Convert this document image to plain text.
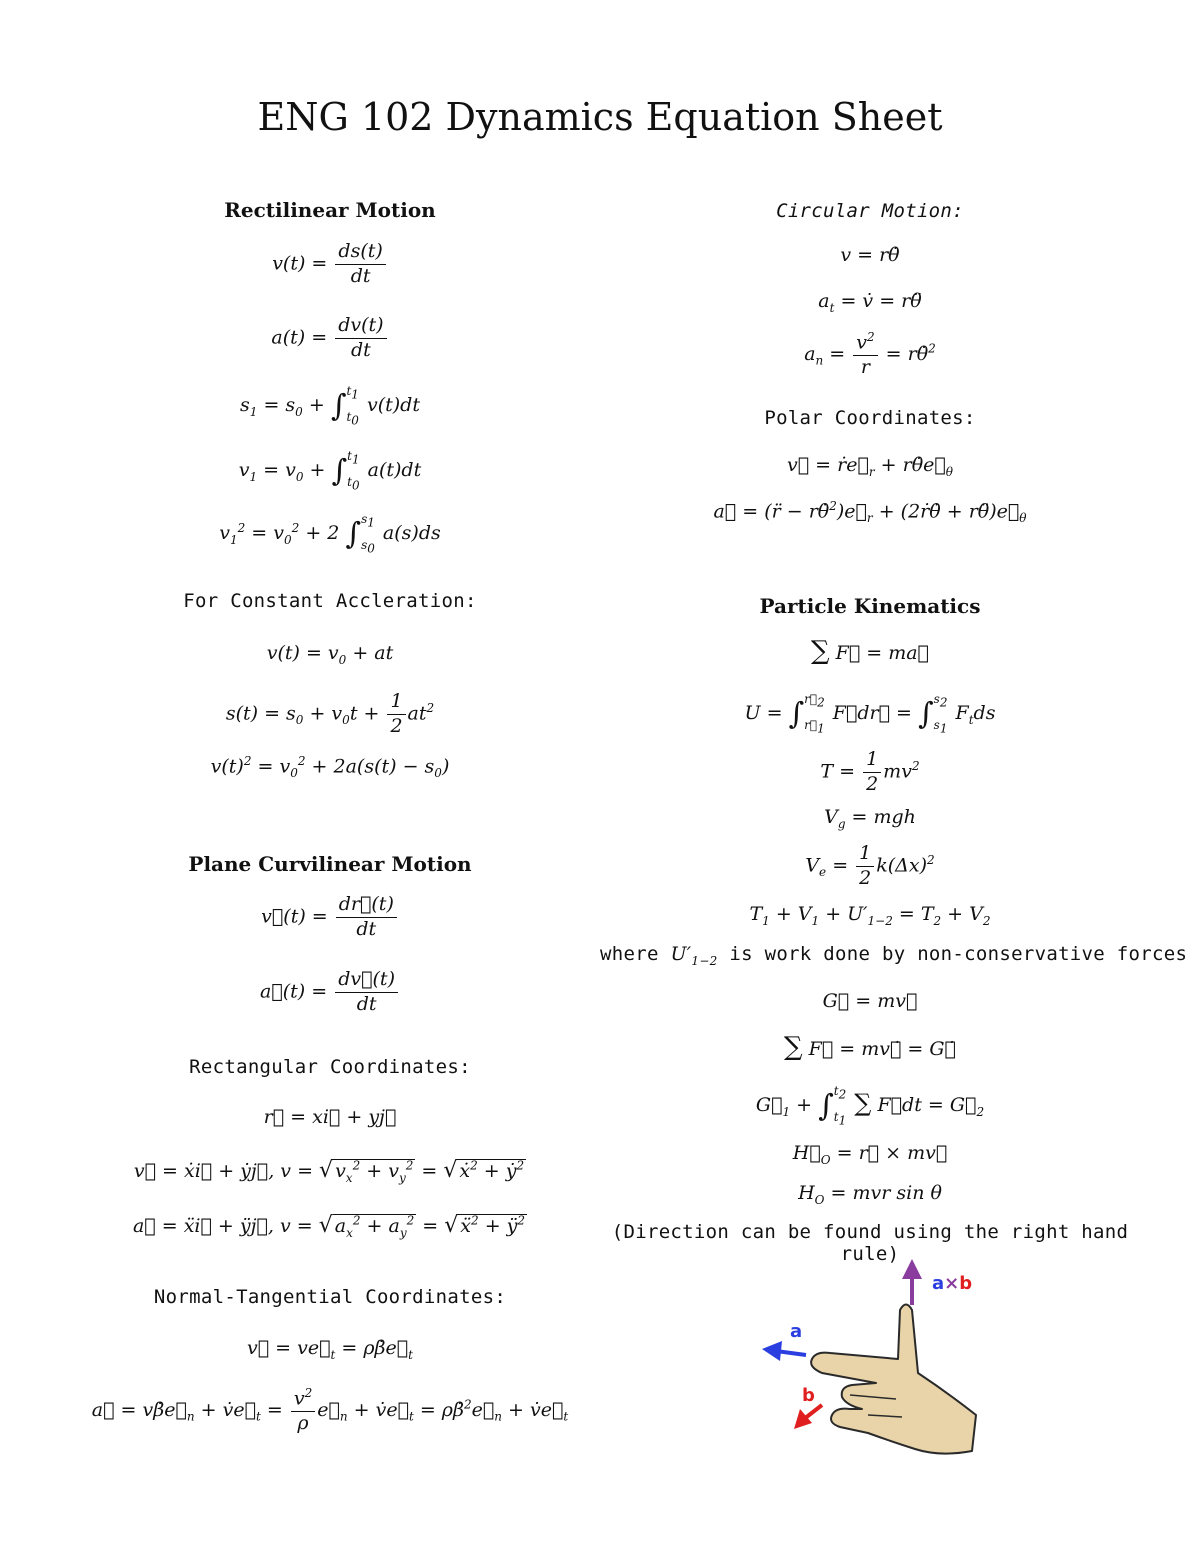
ENG 102 Dynamics Equation Sheet
Rectilinear Motion
$v(t) = \frac{ds(t)}{dt}$
$a(t) = \frac{dv(t)}{dt}$
$s_1 = s_0$ + ∫ $t_1$
$t_0$
v(t)dt
$v_1 = v_0$ + ∫ $t_1$
$t_0$
a(t)dt
$v_1^2 = v_0^2 + 2$ ∫ $s_1$
$s_0$
a(s)ds
For Constant Accleration:
$v(t) = v_0$ + at
$s(t) = s_0 + v_0t + \frac{1}{2} at^2$
$v(t)^2 = v_0^2 + 2a(s(t) - s_0)$
Plane Curvilinear Motion
v⃗(t) = $\frac{dr⃗(t)}{dt}$
a⃗(t) = $\frac{dv⃗(t)}{dt}$
Rectangular Coordinates:
r⃗ = xi⃗ + yj⃗
v⃗ = ẋi⃗ + ẏj⃗, v = √ $v_x^2 + v_y^2$ = √ ẋ$^2$ + ẏ$^2$
a⃗ = ẍi⃗ + ÿj⃗, v = √ $a_x^2 + a_y^2$ = √ ẍ$^2$ + $ÿ^2$
Normal-Tangential Coordinates:
v⃗ = $ve⃗_t$ = $\rho\betȧe⃗_t$
a⃗ = $v\betȧe⃗_n$ + $v̇e⃗_t = \frac{v^2}{\rho}$ $e⃗_n$ + $v̇e⃗_t$ = $\rho\betȧ^2e⃗_n$ + $v̇e⃗_t$
Circular Motion:
v = rθ̇
$a_t$ = v̇ = rθ̈
$a_n = \frac{v^2}{r}$ = rθ̇$^2$
Polar Coordinates:
v⃗ = $ṙe⃗_r$ + $r\thetȧe⃗_\theta$
a⃗ = (r̈ − $r\thetȧ^2)e⃗_r$ + (2ṙθ̇ + $r\thetä)e⃗_\theta$
Particle Kinematics
∑ F⃗ = ma⃗
U = ∫ $r⃗_2$
$r⃗_1$
F⃗dr⃗ = ∫ $s_2$
$s_1$
$F_tds$
$T = \frac{1}{2} mv^2$
$V_g$ = mgh
$V_e = \frac{1}{2} k(\Delta x)^2$
$T_1 + V_1 + U'_{1-2} = T_2 + V_2$
where $U'_{1-2}$ is work done by non-conservative forces
G⃗ = mv⃗
∑ F⃗ = mv⃗̇ = G⃗̇
$G⃗_1$ + ∫ $t_2$
$t_1$
∑ F⃗dt = $G⃗_2$
$H⃗_O$ = r⃗ × mv⃗
$H_O$ = mvr sin θ
(Direction can be found using the right hand rule)
a×b
a
b
